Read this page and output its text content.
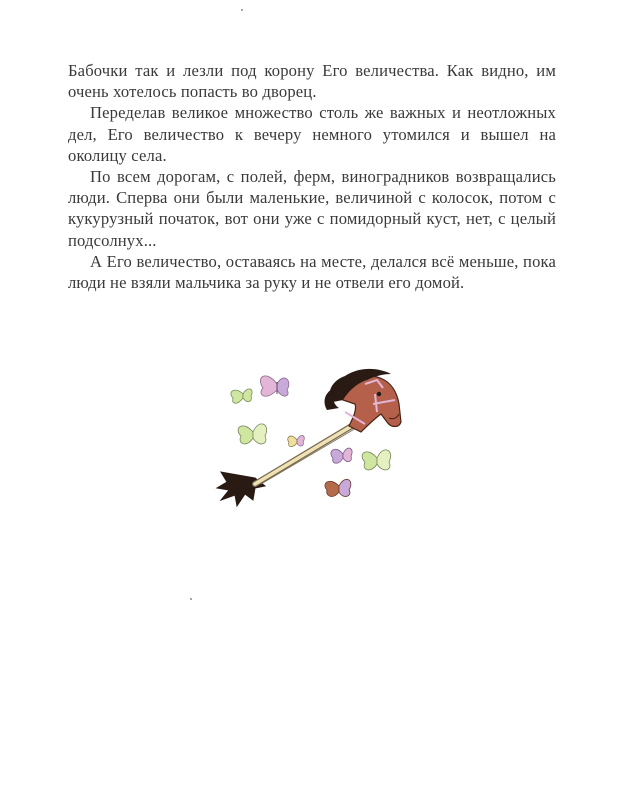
Бабочки так и лезли под корону Его величества. Как видно, им очень хотелось попасть во дворец.

Переделав великое множество столь же важных и неотложных дел, Его величество к вечеру немного утомился и вышел на околицу села.

По всем дорогам, с полей, ферм, виноградников возвращались люди. Сперва они были маленькие, величиной с колосок, потом с кукурузный початок, вот они уже с помидорный куст, нет, с целый подсолнух...

А Его величество, оставаясь на месте, делался всё меньше, пока люди не взяли мальчика за руку и не отвели его домой.
